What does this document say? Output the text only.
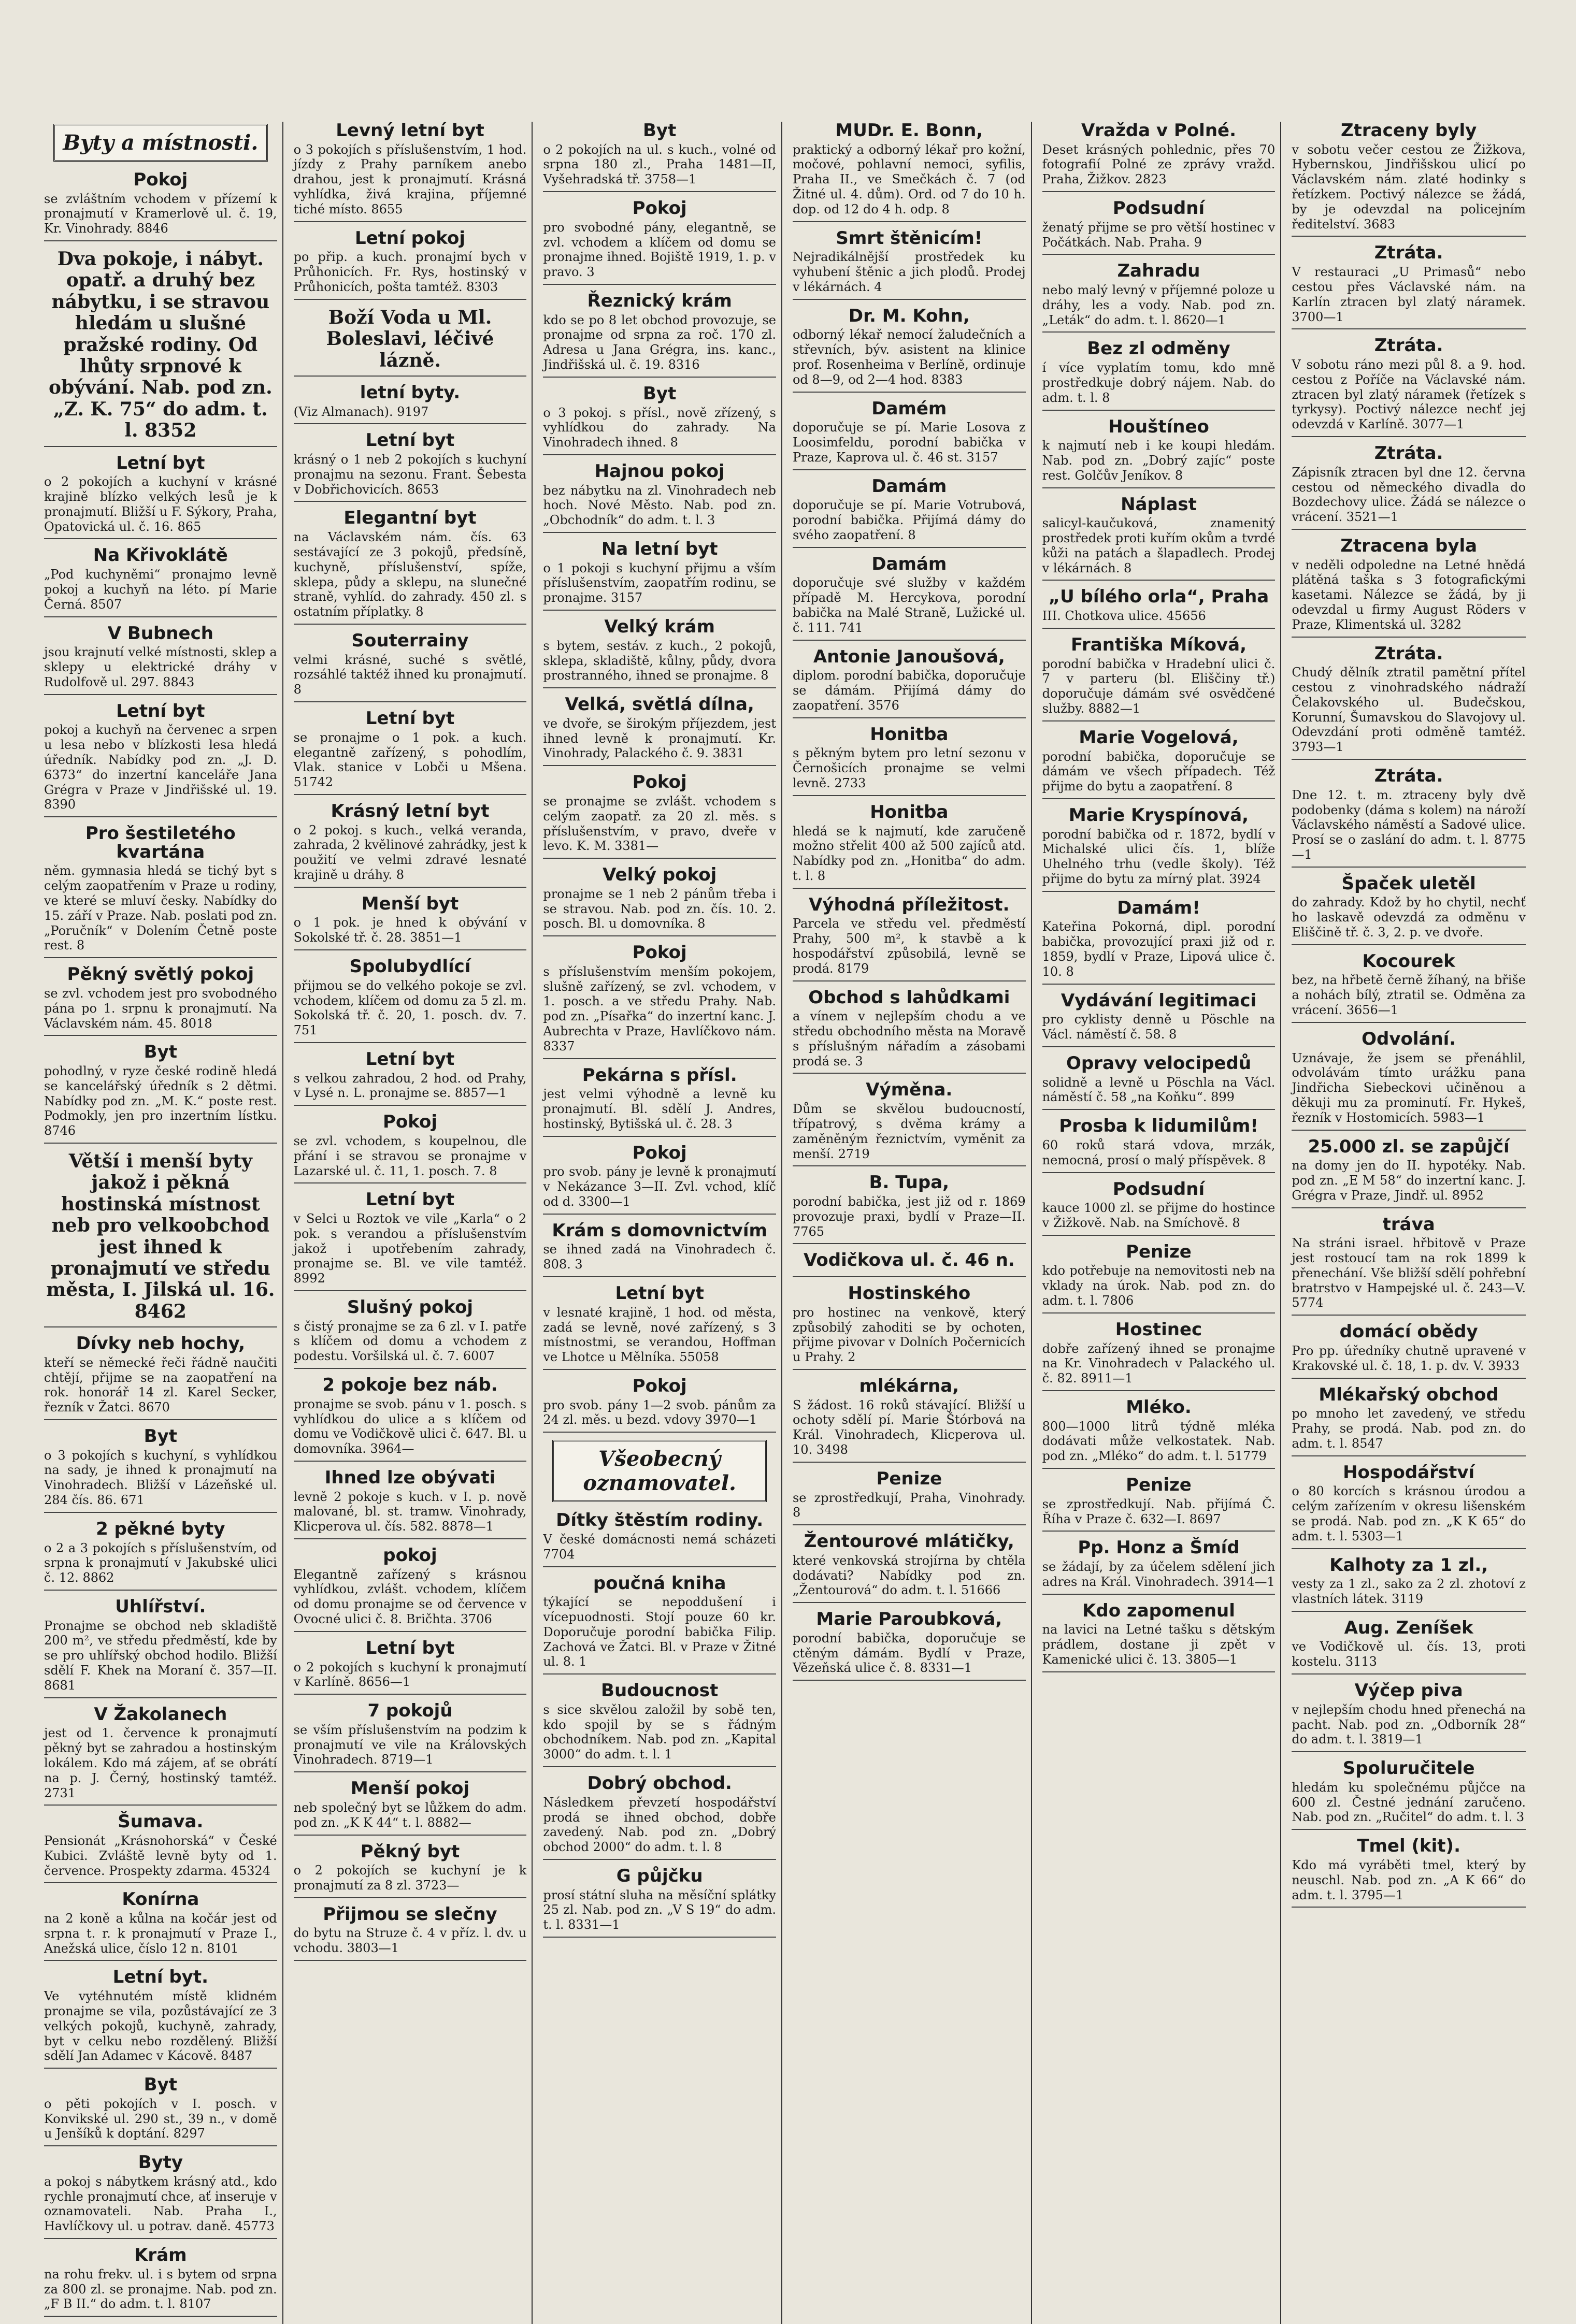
Byty a místnosti.
Pokoj

se zvláštním vchodem v přízemí k pronajmutí v Kramerlově ul. č. 19, Kr. Vinohrady. 8846

Dva pokoje, i nábyt. opatř. a druhý bez nábytku, i se stravou hledám u slušné pražské rodiny. Od lhůty srpnové k obývání. Nab. pod zn. „Z. K. 75“ do adm. t. l. 8352

Letní byt

o 2 pokojích a kuchyní v krásné krajině blízko velkých lesů je k pronajmutí. Bližší u F. Sýkory, Praha, Opatovická ul. č. 16. 865

Na Křivoklátě

„Pod kuchyněmi“ pronajmo levně pokoj a kuchyň na léto. pí Marie Černá. 8507

V Bubnech

jsou krajnutí velké místnosti, sklep a sklepy u elektrické dráhy v Rudolfově ul. 297. 8843

Letní byt

pokoj a kuchyň na červenec a srpen u lesa nebo v blízkosti lesa hledá úředník. Nabídky pod zn. „J. D. 6373“ do inzertní kanceláře Jana Grégra v Praze v Jindřišské ul. 19. 8390

Pro šestiletého kvartána

něm. gymnasia hledá se tichý byt s celým zaopatřením v Praze u rodiny, ve které se mluví česky. Nabídky do 15. září v Praze. Nab. poslati pod zn. „Poručník“ v Dolením Četně poste rest. 8

Pěkný světlý pokoj

se zvl. vchodem jest pro svobodného pána po 1. srpnu k pronajmutí. Na Václavském nám. 45. 8018

Byt

pohodlný, v ryze české rodině hledá se kancelářský úředník s 2 dětmi. Nabídky pod zn. „M. K.“ poste rest. Podmokly, jen pro inzertním lístku. 8746

Větší i menší byty jakož i pěkná hostinská místnost neb pro velkoobchod jest ihned k pronajmutí ve středu města, I. Jilská ul. 16. 8462

Dívky neb hochy,

kteří se německé řeči řádně naučiti chtějí, přijme se na zaopatření na rok. honorář 14 zl. Karel Secker, řezník v Žatci. 8670

Byt

o 3 pokojích s kuchyní, s vyhlídkou na sady, je ihned k pronajmutí na Vinohradech. Bližší v Lázeňské ul. 284 čís. 86. 671

2 pěkné byty

o 2 a 3 pokojích s příslušenstvím, od srpna k pronajmutí v Jakubské ulici č. 12. 8862

Uhlířství.

Pronajme se obchod neb skladiště 200 m², ve středu předměstí, kde by se pro uhlířský obchod hodilo. Bližší sdělí F. Khek na Moraní č. 357—II. 8681

V Žakolanech

jest od 1. července k pronajmutí pěkný byt se zahradou a hostinským lokálem. Kdo má zájem, ať se obrátí na p. J. Černý, hostinský tamtéž. 2731

Šumava.

Pensionát „Krásnohorská“ v České Kubici. Zvláště levně byty od 1. července. Prospekty zdarma. 45324

Konírna

na 2 koně a kůlna na kočár jest od srpna t. r. k pronajmutí v Praze I., Anežská ulice, číslo 12 n. 8101

Letní byt.

Ve vytéhnutém místě klidném pronajme se vila, pozůstávající ze 3 velkých pokojů, kuchyně, zahrady, byt v celku nebo rozdělený. Bližší sdělí Jan Adamec v Kácově. 8487

Byt

o pěti pokojích v I. posch. v Konvikské ul. 290 st., 39 n., v domě u Jenšíků k doptání. 8297

Byty

a pokoj s nábytkem krásný atd., kdo rychle pronajmutí chce, ať inseruje v oznamovateli. Nab. Praha I., Havlíčkovy ul. u potrav. daně. 45773

Krám

na rohu frekv. ul. i s bytem od srpna za 800 zl. se pronajme. Nab. pod zn. „F B II.“ do adm. t. l. 8107

Levný letní byt

o 3 pokojích s příslušenstvím, 1 hod. jízdy z Prahy parníkem anebo drahou, jest k pronajmutí. Krásná vyhlídka, živá krajina, příjemné tiché místo. 8655

Letní pokoj

po přip. a kuch. pronajmí bych v Průhonicích. Fr. Rys, hostinský v Průhonicích, pošta tamtéž. 8303

Boží Voda u Ml. Boleslavi, léčivé lázně.

letní byty.

(Viz Almanach). 9197

Letní byt

krásný o 1 neb 2 pokojích s kuchyní pronajmu na sezonu. Frant. Šebesta v Dobřichovicích. 8653

Elegantní byt

na Václavském nám. čís. 63 sestávající ze 3 pokojů, předsíně, kuchyně, příslušenství, spíže, sklepa, půdy a sklepu, na slunečné straně, vyhlíd. do zahrady. 450 zl. s ostatním příplatky. 8

Souterrainy

velmi krásné, suché s světlé, rozsáhlé taktéž ihned ku pronajmutí. 8

Letní byt

se pronajme o 1 pok. a kuch. elegantně zařízený, s pohodlím, Vlak. stanice v Lobči u Mšena. 51742

Krásný letní byt

o 2 pokoj. s kuch., velká veranda, zahrada, 2 kvělinové zahrádky, jest k použití ve velmi zdravé lesnaté krajině u dráhy. 8

Menší byt

o 1 pok. je hned k obývání v Sokolské tř. č. 28. 3851—1

Spolubydlící

přijmou se do velkého pokoje se zvl. vchodem, klíčem od domu za 5 zl. m. Sokolská tř. č. 20, 1. posch. dv. 7. 751

Letní byt

s velkou zahradou, 2 hod. od Prahy, v Lysé n. L. pronajme se. 8857—1

Pokoj

se zvl. vchodem, s koupelnou, dle přání i se stravou se pronajme v Lazarské ul. č. 11, 1. posch. 7. 8

Letní byt

v Selci u Roztok ve vile „Karla“ o 2 pok. s verandou a příslušenstvím jakož i upotřebením zahrady, pronajme se. Bl. ve vile tamtéž. 8992

Slušný pokoj

s čistý pronajme se za 6 zl. v I. patře s klíčem od domu a vchodem z podestu. Voršilská ul. č. 7. 6007

2 pokoje bez náb.

pronajme se svob. pánu v 1. posch. s vyhlídkou do ulice a s klíčem od domu ve Vodičkově ulici č. 647. Bl. u domovníka. 3964—

Ihned lze obývati

levně 2 pokoje s kuch. v I. p. nově malované, bl. st. tramw. Vinohrady, Klicperova ul. čís. 582. 8878—1

pokoj

Elegantně zařízený s krásnou vyhlídkou, zvlášt. vchodem, klíčem od domu pronajme se od července v Ovocné ulici č. 8. Bričhta. 3706

Letní byt

o 2 pokojích s kuchyní k pronajmutí v Karlíně. 8656—1

7 pokojů

se vším příslušenstvím na podzim k pronajmutí ve vile na Královských Vinohradech. 8719—1

Menší pokoj

neb společný byt se lůžkem do adm. pod zn. „K K 44“ t. l. 8882—

Pěkný byt

o 2 pokojích se kuchyní je k pronajmutí za 8 zl. 3723—

Přijmou se slečny

do bytu na Struze č. 4 v příz. l. dv. u vchodu. 3803—1

Byt

o 2 pokojích na ul. s kuch., volné od srpna 180 zl., Praha 1481—II, Vyšehradská tř. 3758—1

Pokoj

pro svobodné pány, elegantně, se zvl. vchodem a klíčem od domu se pronajme ihned. Bojiště 1919, 1. p. v pravo. 3

Řeznický krám

kdo se po 8 let obchod provozuje, se pronajme od srpna za roč. 170 zl. Adresa u Jana Grégra, ins. kanc., Jindřišská ul. č. 19. 8316

Byt

o 3 pokoj. s přísl., nově zřízený, s vyhlídkou do zahrady. Na Vinohradech ihned. 8

Hajnou pokoj

bez nábytku na zl. Vinohradech neb hoch. Nové Město. Nab. pod zn. „Obchodník“ do adm. t. l. 3

Na letní byt

o 1 pokoji s kuchyní přijmu a vším příslušenstvím, zaopatřím rodinu, se pronajme. 3157

Velký krám

s bytem, sestáv. z kuch., 2 pokojů, sklepa, skladiště, kůlny, půdy, dvora prostranného, ihned se pronajme. 8

Velká, světlá dílna,

ve dvoře, se širokým příjezdem, jest ihned levně k pronajmutí. Kr. Vinohrady, Palackého č. 9. 3831

Pokoj

se pronajme se zvlášt. vchodem s celým zaopatř. za 20 zl. měs. s příslušenstvím, v pravo, dveře v levo. K. M. 3381—

Velký pokoj

pronajme se 1 neb 2 pánům třeba i se stravou. Nab. pod zn. čís. 10. 2. posch. Bl. u domovníka. 8

Pokoj

s příslušenstvím menším pokojem, slušně zařízený, se zvl. vchodem, v 1. posch. a ve středu Prahy. Nab. pod zn. „Písařka“ do inzertní kanc. J. Aubrechta v Praze, Havlíčkovo nám. 8337

Pekárna s přísl.

jest velmi výhodně a levně ku pronajmutí. Bl. sdělí J. Andres, hostinský, Bytišská ul. č. 28. 3

Pokoj

pro svob. pány je levně k pronajmutí v Nekázance 3—II. Zvl. vchod, klíč od d. 3300—1

Krám s domovnictvím

se ihned zadá na Vinohradech č. 808. 3

Letní byt

v lesnaté krajině, 1 hod. od města, zadá se levně, nové zařízený, s 3 místnostmi, se verandou, Hoffman ve Lhotce u Mělníka. 55058

Pokoj

pro svob. pány 1—2 svob. pánům za 24 zl. měs. u bezd. vdovy 3970—1

Všeobecný oznamovatel.
Dítky štěstím rodiny.

V české domácnosti nemá scházeti 7704

poučná kniha

týkající se nepoddušení i vícepuodnosti. Stojí pouze 60 kr. Doporučuje porodní babička Filip. Zachová ve Žatci. Bl. v Praze v Žitné ul. 8. 1

Budoucnost

s sice skvělou založil by sobě ten, kdo spojil by se s řádným obchodníkem. Nab. pod zn. „Kapital 3000“ do adm. t. l. 1

Dobrý obchod.

Následkem převzetí hospodářství prodá se ihned obchod, dobře zavedený. Nab. pod zn. „Dobrý obchod 2000“ do adm. t. l. 8

G půjčku

prosí státní sluha na měsíční splátky 25 zl. Nab. pod zn. „V S 19“ do adm. t. l. 8331—1

MUDr. E. Bonn,

praktický a odborný lékař pro kožní, močové, pohlavní nemoci, syfilis, Praha II., ve Smečkách č. 7 (od Žitné ul. 4. dům). Ord. od 7 do 10 h. dop. od 12 do 4 h. odp. 8

Smrt štěnicím!

Nejradikálnější prostředek ku vyhubení štěnic a jich plodů. Prodej v lékárnách. 4

Dr. M. Kohn,

odborný lékař nemocí žaludečních a střevních, býv. asistent na klinice prof. Rosenheima v Berlíně, ordinuje od 8—9, od 2—4 hod. 8383

Damém

doporučuje se pí. Marie Losova z Loosimfeldu, porodní babička v Praze, Kaprova ul. č. 46 st. 3157

Damám

doporučuje se pí. Marie Votrubová, porodní babička. Přijímá dámy do svého zaopatření. 8

Damám

doporučuje své služby v každém případě M. Hercykova, porodní babička na Malé Straně, Lužické ul. č. 111. 741

Antonie Janoušová,

diplom. porodní babička, doporučuje se dámám. Přijímá dámy do zaopatření. 3576

Honitba

s pěkným bytem pro letní sezonu v Černošicích pronajme se velmi levně. 2733

Honitba

hledá se k najmutí, kde zaručeně možno střelit 400 až 500 zajíců atd. Nabídky pod zn. „Honitba“ do adm. t. l. 8

Výhodná příležitost.

Parcela ve středu vel. předměstí Prahy, 500 m², k stavbě a k hospodářství způsobilá, levně se prodá. 8179

Obchod s lahůdkami

a vínem v nejlepším chodu a ve středu obchodního města na Moravě s příslušným nářadím a zásobami prodá se. 3

Výměna.

Dům se skvělou budoucností, třípatrový, s dvěma krámy a zaměněným řeznictvím, vyměnit za menší. 2719

B. Tupa,

porodní babička, jest již od r. 1869 provozuje praxi, bydlí v Praze—II. 7765

Vodičkova ul. č. 46 n.
Hostinského

pro hostinec na venkově, který způsobilý zahoditi se by ochoten, přijme pivovar v Dolních Počernicích u Prahy. 2

mlékárna,

S žádost. 16 roků stávající. Bližší u ochoty sdělí pí. Marie Štórbová na Král. Vinohradech, Klicperova ul. 10. 3498

Penize

se zprostředkují, Praha, Vinohrady. 8

Žentourové mlátičky,

které venkovská strojírna by chtěla dodávati? Nabídky pod zn. „Žentourová“ do adm. t. l. 51666

Marie Paroubková,

porodní babička, doporučuje se ctěným dámám. Bydlí v Praze, Vězeňská ulice č. 8. 8331—1

Vražda v Polné.

Deset krásných pohlednic, přes 70 fotografií Polné ze zprávy vražd. Praha, Žižkov. 2823

Podsudní

ženatý přijme se pro větší hostinec v Počátkách. Nab. Praha. 9

Zahradu

nebo malý levný v příjemné poloze u dráhy, les a vody. Nab. pod zn. „Leták“ do adm. t. l. 8620—1

Bez zl odměny

í více vyplatím tomu, kdo mně prostředkuje dobrý nájem. Nab. do adm. t. l. 8

Houštíneo

k najmutí neb i ke koupi hledám. Nab. pod zn. „Dobrý zajíc“ poste rest. Golčův Jeníkov. 8

Náplast

salicyl-kaučuková, znamenitý prostředek proti kuřím okům a tvrdé kůži na patách a šlapadlech. Prodej v lékárnách. 8

„U bílého orla“, Praha

III. Chotkova ulice. 45656

Františka Míková,

porodní babička v Hradební ulici č. 7 v parteru (bl. Eliščiny tř.) doporučuje dámám své osvědčené služby. 8882—1

Marie Vogelová,

porodní babička, doporučuje se dámám ve všech případech. Též přijme do bytu a zaopatření. 8

Marie Kryspínová,

porodní babička od r. 1872, bydlí v Michalské ulici čís. 1, blíže Uhelného trhu (vedle školy). Též přijme do bytu za mírný plat. 3924

Damám!

Kateřina Pokorná, dipl. porodní babička, provozující praxi již od r. 1859, bydlí v Praze, Lipová ulice č. 10. 8

Vydávání legitimaci

pro cyklisty denně u Pöschle na Václ. náměstí č. 58. 8

Opravy velocipedů

solidně a levně u Pöschla na Václ. náměstí č. 58 „na Koňku“. 899

Prosba k lidumilům!

60 roků stará vdova, mrzák, nemocná, prosí o malý příspěvek. 8

Podsudní

kauce 1000 zl. se přijme do hostince v Žižkově. Nab. na Smíchově. 8

Penize

kdo potřebuje na nemovitosti neb na vklady na úrok. Nab. pod zn. do adm. t. l. 7806

Hostinec

dobře zařízený ihned se pronajme na Kr. Vinohradech v Palackého ul. č. 82. 8911—1

Mléko.

800—1000 litrů týdně mléka dodávati může velkostatek. Nab. pod zn. „Mléko“ do adm. t. l. 51779

Penize

se zprostředkují. Nab. přijímá Č. Říha v Praze č. 632—I. 8697

Pp. Honz a Šmíd

se žádají, by za účelem sdělení jich adres na Král. Vinohradech. 3914—1

Kdo zapomenul

na lavici na Letné tašku s dětským prádlem, dostane ji zpět v Kamenické ulici č. 13. 3805—1

Ztraceny byly

v sobotu večer cestou ze Žižkova, Hybernskou, Jindřišskou ulicí po Václavském nám. zlaté hodinky s řetízkem. Poctivý nálezce se žádá, by je odevzdal na policejním ředitelství. 3683

Ztráta.

V restauraci „U Primasů“ nebo cestou přes Václavské nám. na Karlín ztracen byl zlatý náramek. 3700—1

Ztráta.

V sobotu ráno mezi půl 8. a 9. hod. cestou z Poříče na Václavské nám. ztracen byl zlatý náramek (řetízek s tyrkysy). Poctivý nálezce nechť jej odevzdá v Karlíně. 3077—1

Ztráta.

Zápisník ztracen byl dne 12. června cestou od německého divadla do Bozdechovy ulice. Žádá se nálezce o vrácení. 3521—1

Ztracena byla

v neděli odpoledne na Letné hnědá plátěná taška s 3 fotografickými kasetami. Nálezce se žádá, by ji odevzdal u firmy August Röders v Praze, Klimentská ul. 3282

Ztráta.

Chudý dělník ztratil pamětní přítel cestou z vinohradského nádraží Čelakovského ul. Budečskou, Korunní, Šumavskou do Slavojovy ul. Odevzdání proti odměně tamtéž. 3793—1

Ztráta.

Dne 12. t. m. ztraceny byly dvě podobenky (dáma s kolem) na nároží Václavského náměstí a Sadové ulice. Prosí se o zaslání do adm. t. l. 8775—1

Špaček uletěl

do zahrady. Kdož by ho chytil, nechť ho laskavě odevzdá za odměnu v Eliščině tř. č. 3, 2. p. ve dvoře.

Kocourek

bez, na hřbetě černě žíhaný, na břiše a nohách bílý, ztratil se. Odměna za vrácení. 3656—1

Odvolání.

Uznávaje, že jsem se přenáhlil, odvolávám tímto urážku pana Jindřicha Siebeckovi učiněnou a děkuji mu za prominutí. Fr. Hykeš, řezník v Hostomicích. 5983—1

25.000 zl. se zapůjčí

na domy jen do II. hypotéky. Nab. pod zn. „E M 58“ do inzertní kanc. J. Grégra v Praze, Jindř. ul. 8952

tráva

Na stráni israel. hřbitově v Praze jest rostoucí tam na rok 1899 k přenechání. Vše bližší sdělí pohřební bratrstvo v Hampejské ul. č. 243—V. 5774

domácí obědy

Pro pp. úředníky chutně upravené v Krakovské ul. č. 18, 1. p. dv. V. 3933

Mlékařský obchod

po mnoho let zavedený, ve středu Prahy, se prodá. Nab. pod zn. do adm. t. l. 8547

Hospodářství

o 80 korcích s krásnou úrodou a celým zařízením v okresu lišenském se prodá. Nab. pod zn. „K K 65“ do adm. t. l. 5303—1

Kalhoty za 1 zl.,

vesty za 1 zl., sako za 2 zl. zhotoví z vlastních látek. 3119

Aug. Zeníšek

ve Vodičkově ul. čís. 13, proti kostelu. 3113

Výčep piva

v nejlepším chodu hned přenechá na pacht. Nab. pod zn. „Odborník 28“ do adm. t. l. 3819—1

Spoluručitele

hledám ku společnému půjčce na 600 zl. Čestné jednání zaručeno. Nab. pod zn. „Ručitel“ do adm. t. l. 3

Tmel (kit).

Kdo má vyráběti tmel, který by neuschl. Nab. pod zn. „A K 66“ do adm. t. l. 3795—1
